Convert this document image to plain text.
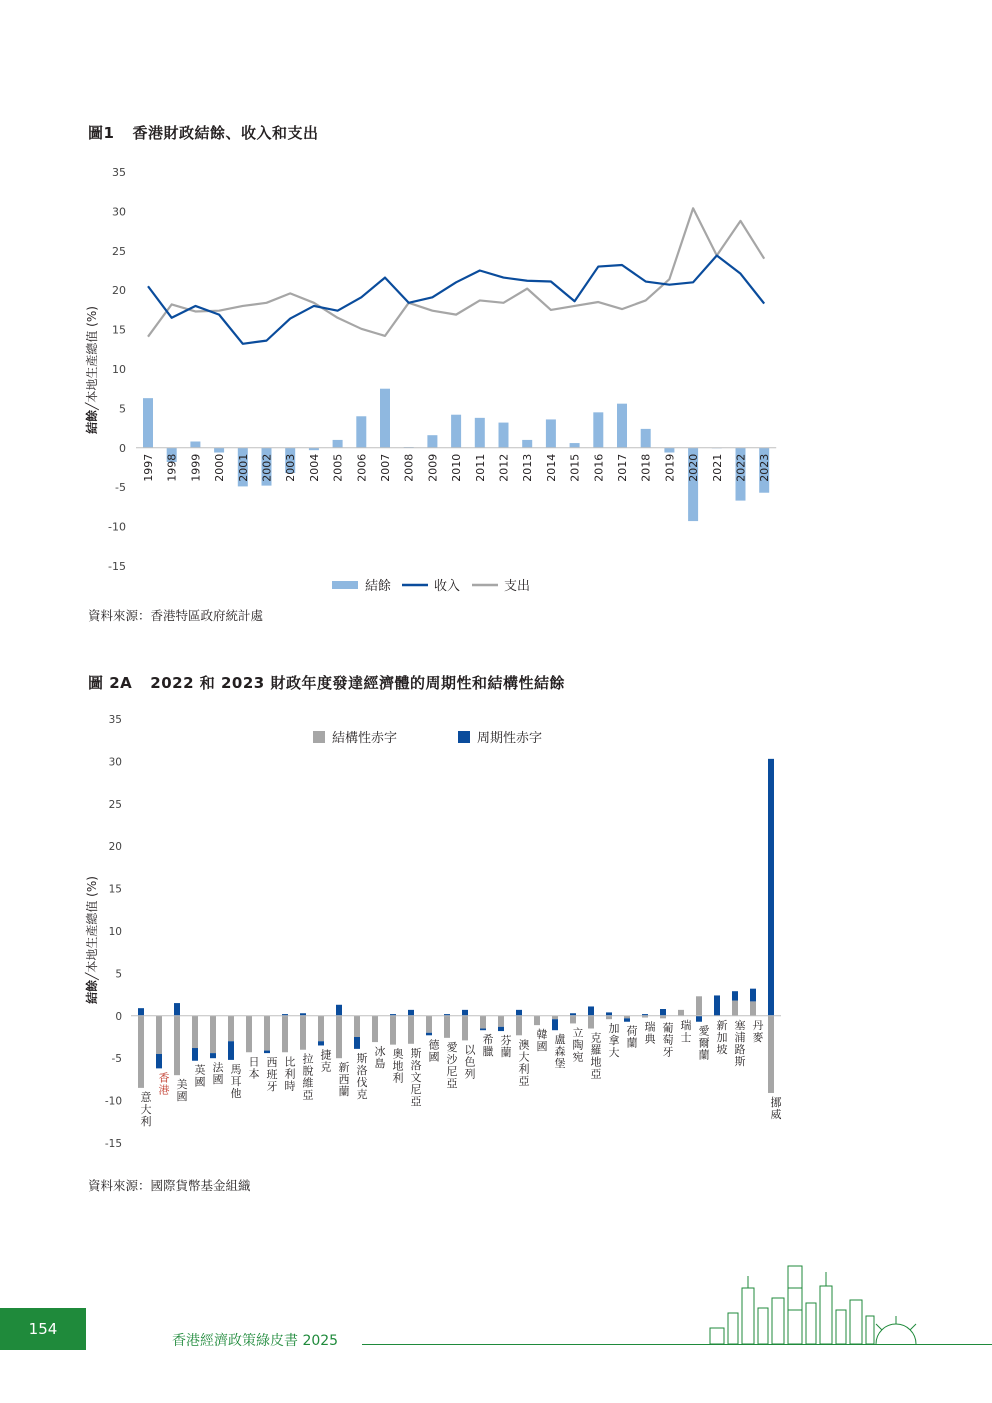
圖1 香港財政結餘、收入和支出
結餘╱本地生產總值 (%)
35
30
25
20
15
10
5
0
-5
-10
-15
1997 1998 1999 2000 2001 2002 2003 2004 2005 2006 2007 2008 2009 2010 2011 2012 2013 2014 2015 2016 2017 2018 2019 2020 2021 2022 2023
結餘	收入	支出
資料來源：香港特區政府統計處
圖 2A 2022 和 2023 財政年度發達經濟體的周期性和結構性結餘
結餘╱本地生產總值 (%)
35
30
25
20
15
10
5
0
-5
-10
-15
結構性赤字	周期性赤字
意大利
香港 美國
英國
法國
馬耳他
日本
西班牙
比利時
拉脫維亞
捷克 新西蘭
斯洛伐克
冰島
奧地利
斯洛文尼亞
德國
愛沙尼亞
以色列
希臘
芬蘭
澳大利亞
韓國
盧森堡
立陶宛
克羅地亞
加拿大
荷蘭
瑞典
葡萄牙
瑞士 愛爾蘭
新加坡
塞浦路斯
丹麥
挪威
資料來源：國際貨幣基金組織
154
香港經濟政策綠皮書 2025
